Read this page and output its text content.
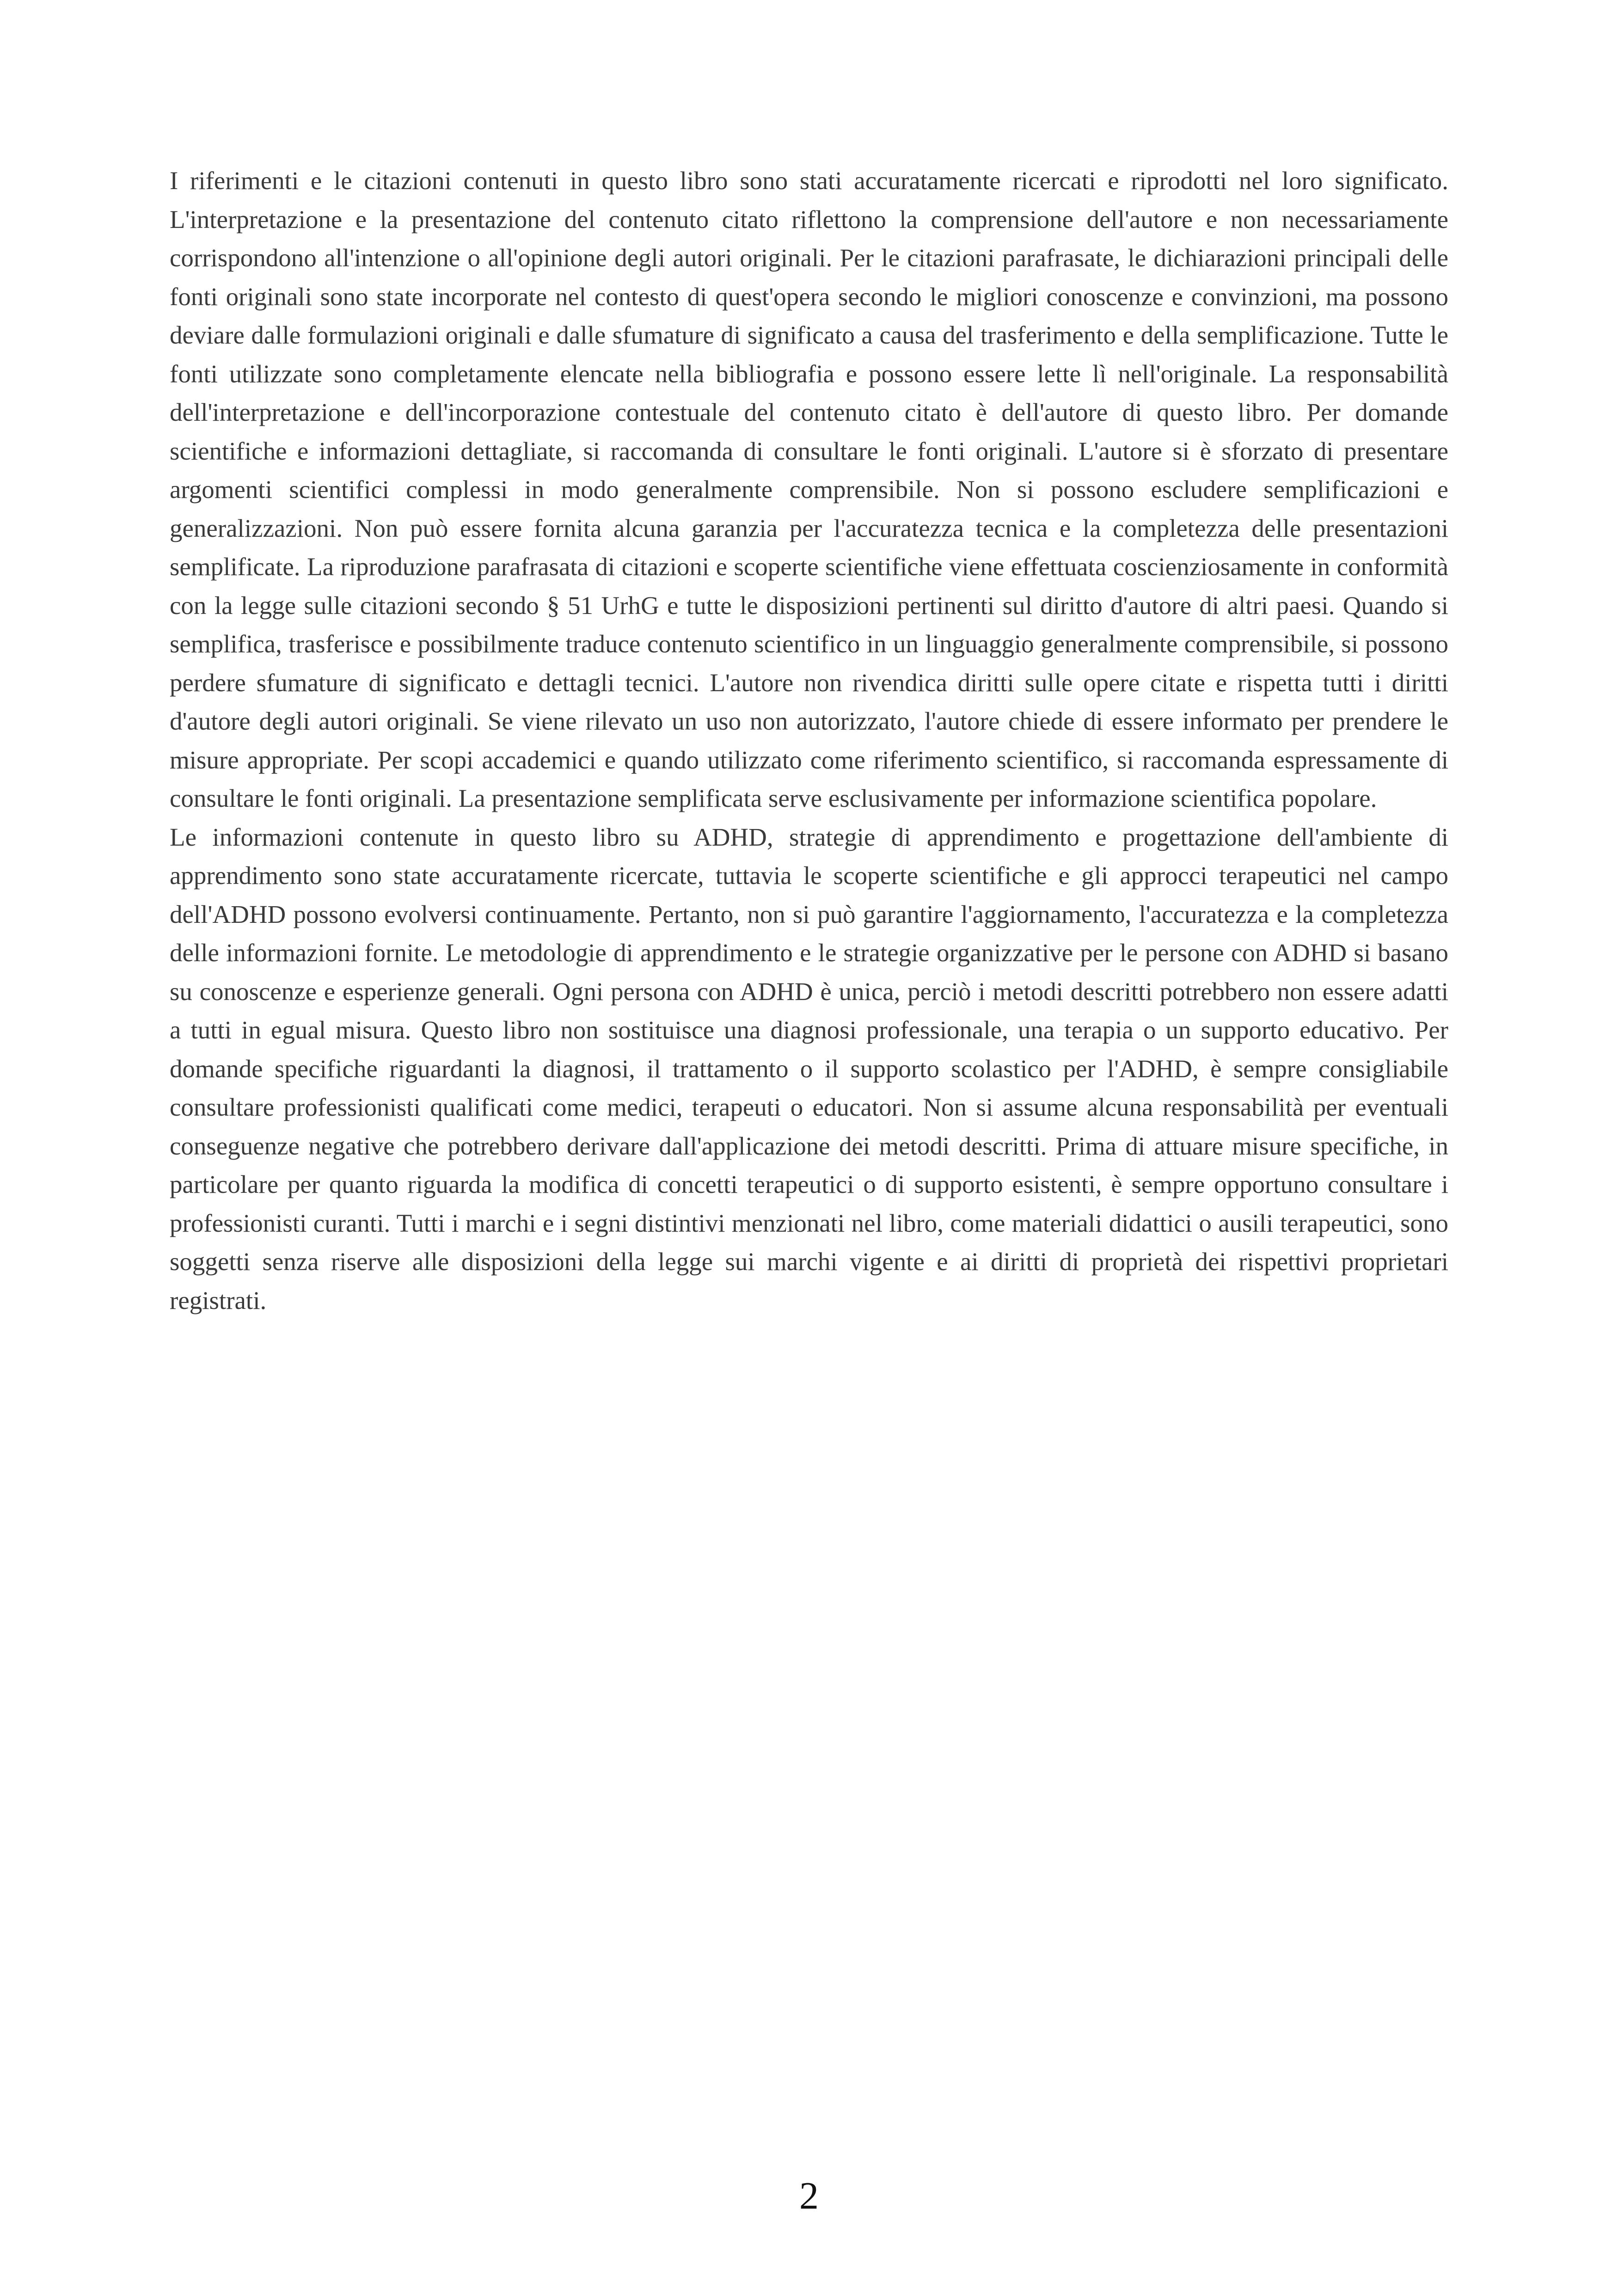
I riferimenti e le citazioni contenuti in questo libro sono stati accuratamente ricercati e riprodotti nel loro significato. L'interpretazione e la presentazione del contenuto citato riflettono la comprensione dell'autore e non necessariamente corrispondono all'intenzione o all'opinione degli autori originali. Per le citazioni parafrasate, le dichiarazioni principali delle fonti originali sono state incorporate nel contesto di quest'opera secondo le migliori conoscenze e convinzioni, ma possono deviare dalle formulazioni originali e dalle sfumature di significato a causa del trasferimento e della semplificazione. Tutte le fonti utilizzate sono completamente elencate nella bibliografia e possono essere lette lì nell'originale. La responsabilità dell'interpretazione e dell'incorporazione contestuale del contenuto citato è dell'autore di questo libro. Per domande scientifiche e informazioni dettagliate, si raccomanda di consultare le fonti originali. L'autore si è sforzato di presentare argomenti scientifici complessi in modo generalmente comprensibile. Non si possono escludere semplificazioni e generalizzazioni. Non può essere fornita alcuna garanzia per l'accuratezza tecnica e la completezza delle presentazioni semplificate. La riproduzione parafrasata di citazioni e scoperte scientifiche viene effettuata coscienziosamente in conformità con la legge sulle citazioni secondo § 51 UrhG e tutte le disposizioni pertinenti sul diritto d'autore di altri paesi. Quando si semplifica, trasferisce e possibilmente traduce contenuto scientifico in un linguaggio generalmente comprensibile, si possono perdere sfumature di significato e dettagli tecnici. L'autore non rivendica diritti sulle opere citate e rispetta tutti i diritti d'autore degli autori originali. Se viene rilevato un uso non autorizzato, l'autore chiede di essere informato per prendere le misure appropriate. Per scopi accademici e quando utilizzato come riferimento scientifico, si raccomanda espressamente di consultare le fonti originali. La presentazione semplificata serve esclusivamente per informazione scientifica popolare.

Le informazioni contenute in questo libro su ADHD, strategie di apprendimento e progettazione dell'ambiente di apprendimento sono state accuratamente ricercate, tuttavia le scoperte scientifiche e gli approcci terapeutici nel campo dell'ADHD possono evolversi continuamente. Pertanto, non si può garantire l'aggiornamento, l'accuratezza e la completezza delle informazioni fornite. Le metodologie di apprendimento e le strategie organizzative per le persone con ADHD si basano su conoscenze e esperienze generali. Ogni persona con ADHD è unica, perciò i metodi descritti potrebbero non essere adatti a tutti in egual misura. Questo libro non sostituisce una diagnosi professionale, una terapia o un supporto educativo. Per domande specifiche riguardanti la diagnosi, il trattamento o il supporto scolastico per l'ADHD, è sempre consigliabile consultare professionisti qualificati come medici, terapeuti o educatori. Non si assume alcuna responsabilità per eventuali conseguenze negative che potrebbero derivare dall'applicazione dei metodi descritti. Prima di attuare misure specifiche, in particolare per quanto riguarda la modifica di concetti terapeutici o di supporto esistenti, è sempre opportuno consultare i professionisti curanti. Tutti i marchi e i segni distintivi menzionati nel libro, come materiali didattici o ausili terapeutici, sono soggetti senza riserve alle disposizioni della legge sui marchi vigente e ai diritti di proprietà dei rispettivi proprietari registrati.

2
